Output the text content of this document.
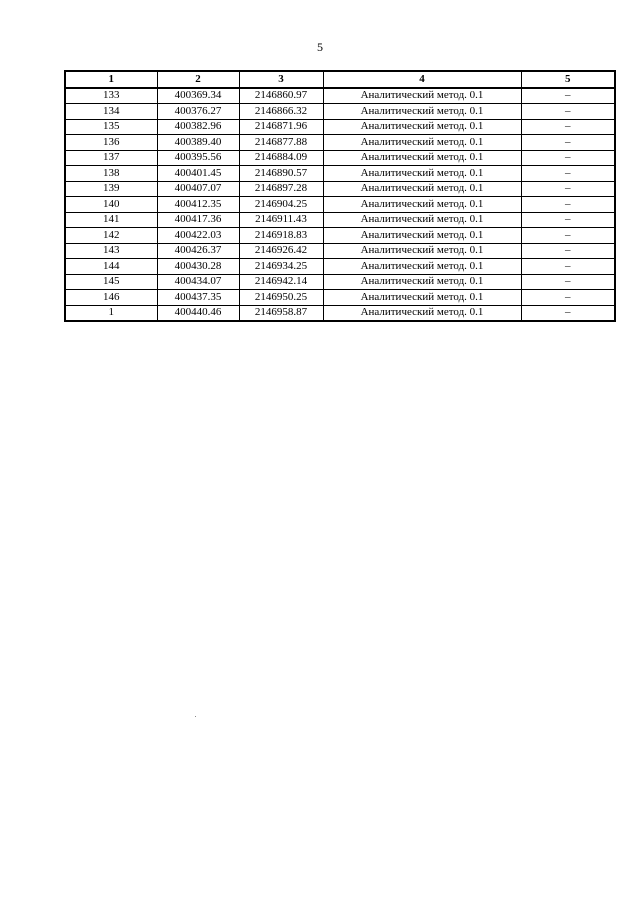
5
1	2	3	4	5
133	400369.34	2146860.97	Аналитический метод. 0.1	–
134	400376.27	2146866.32	Аналитический метод. 0.1	–
135	400382.96	2146871.96	Аналитический метод. 0.1	–
136	400389.40	2146877.88	Аналитический метод. 0.1	–
137	400395.56	2146884.09	Аналитический метод. 0.1	–
138	400401.45	2146890.57	Аналитический метод. 0.1	–
139	400407.07	2146897.28	Аналитический метод. 0.1	–
140	400412.35	2146904.25	Аналитический метод. 0.1	–
141	400417.36	2146911.43	Аналитический метод. 0.1	–
142	400422.03	2146918.83	Аналитический метод. 0.1	–
143	400426.37	2146926.42	Аналитический метод. 0.1	–
144	400430.28	2146934.25	Аналитический метод. 0.1	–
145	400434.07	2146942.14	Аналитический метод. 0.1	–
146	400437.35	2146950.25	Аналитический метод. 0.1	–
1	400440.46	2146958.87	Аналитический метод. 0.1	–
